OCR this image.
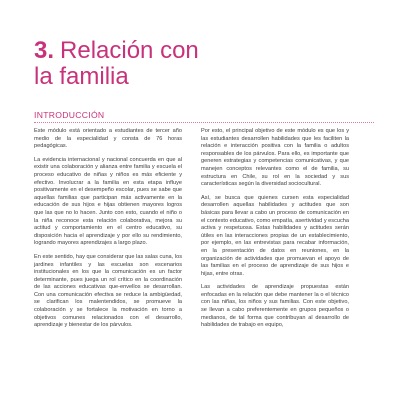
3. Relación con
la familia
INTRODUCCIÓN

Este módulo está orientado a estudiantes de tercer año medio de la especialidad y consta de 76 horas pedagógicas.

La evidencia internacional y nacional concuerda en que al existir una colaboración y alianza entre familia y escuela el proceso educativo de niñas y niños es más eficiente y efectivo. Involucrar a la familia en esta etapa influye positivamente en el desempeño escolar, pues se sabe que aquellas familias que participan más activamente en la educación de sus hijos e hijas obtienen mayores logros que las que no lo hacen. Junto con esto, cuando el niño o la niña reconoce esta relación colaborativa, mejora su actitud y comportamiento en el centro educativo, su disposición hacia el aprendizaje y por ello su rendimiento, logrando mayores aprendizajes a largo plazo.

En este sentido, hay que considerar que las salas cuna, los jardines infantiles y las escuelas son escenarios institucionales en los que la comunicación es un factor determinante, pues juega un rol crítico en la coordinación de las acciones educativas que-envellos se desarrollan. Con una comunicación efectiva se reduce la ambigüedad, se clarifican los malentendidos, se promueve la colaboración y se fortalece la motivación en torno a objetivos comunes relacionados con el desarrollo, aprendizaje y bienestar de los párvulos.

Por esto, el principal objetivo de este módulo es que los y las estudiantes desarrollen habilidades que les faciliten la relación e interacción positiva con la familia o adultos responsables de los párvulos. Para ello, es importante que generen estrategias y competencias comunicativas, y que manejen conceptos relevantes como el de familia, su estructura en Chile, su rol en la sociedad y sus características según la diversidad sociocultural.

Así, se busca que quienes cursen esta especialidad desarrollen aquellas habilidades y actitudes que son básicas para llevar a cabo un proceso de comunicación en el contexto educativo, como empatía, asertividad y escucha activa y respetuosa. Estas habilidades y actitudes serán útiles en las interacciones propias de un establecimiento, por ejemplo, en las entrevistas para recabar información, en la presentación de datos en reuniones, en la organización de actividades que promuevan el apoyo de las familias en el proceso de aprendizaje de sus hijos e hijas, entre otras.

Las actividades de aprendizaje propuestas están enfocadas en la relación que debe mantener la o el técnico con las niñas, los niños y sus familias. Con este objetivo, se llevan a cabo preferentemente en grupos pequeños o medianos, de tal forma que contribuyan al desarrollo de habilidades de trabajo en equipo,
